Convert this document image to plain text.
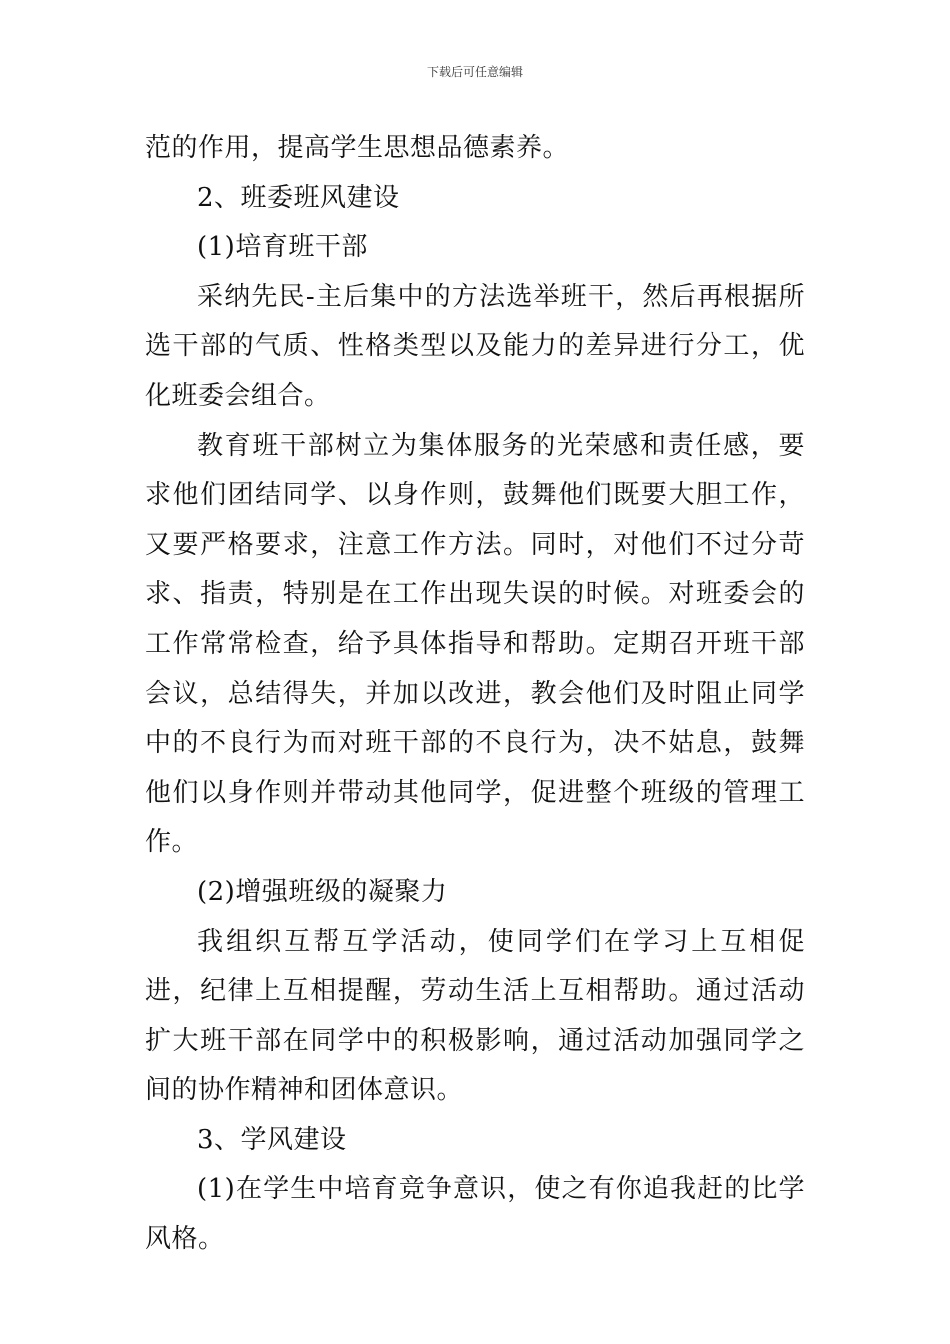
下载后可任意编辑

范的作用，提高学生思想品德素养。

2、班委班风建设

(1)培育班干部

采纳先民-主后集中的方法选举班干，然后再根据所选干部的气质、性格类型以及能力的差异进行分工，优化班委会组合。

教育班干部树立为集体服务的光荣感和责任感，要求他们团结同学、以身作则，鼓舞他们既要大胆工作，又要严格要求，注意工作方法。同时，对他们不过分苛求、指责，特别是在工作出现失误的时候。对班委会的工作常常检查，给予具体指导和帮助。定期召开班干部会议，总结得失，并加以改进，教会他们及时阻止同学中的不良行为而对班干部的不良行为，决不姑息，鼓舞他们以身作则并带动其他同学，促进整个班级的管理工作。

(2)增强班级的凝聚力

我组织互帮互学活动，使同学们在学习上互相促进，纪律上互相提醒，劳动生活上互相帮助。通过活动扩大班干部在同学中的积极影响，通过活动加强同学之间的协作精神和团体意识。

3、学风建设

(1)在学生中培育竞争意识，使之有你追我赶的比学风格。
